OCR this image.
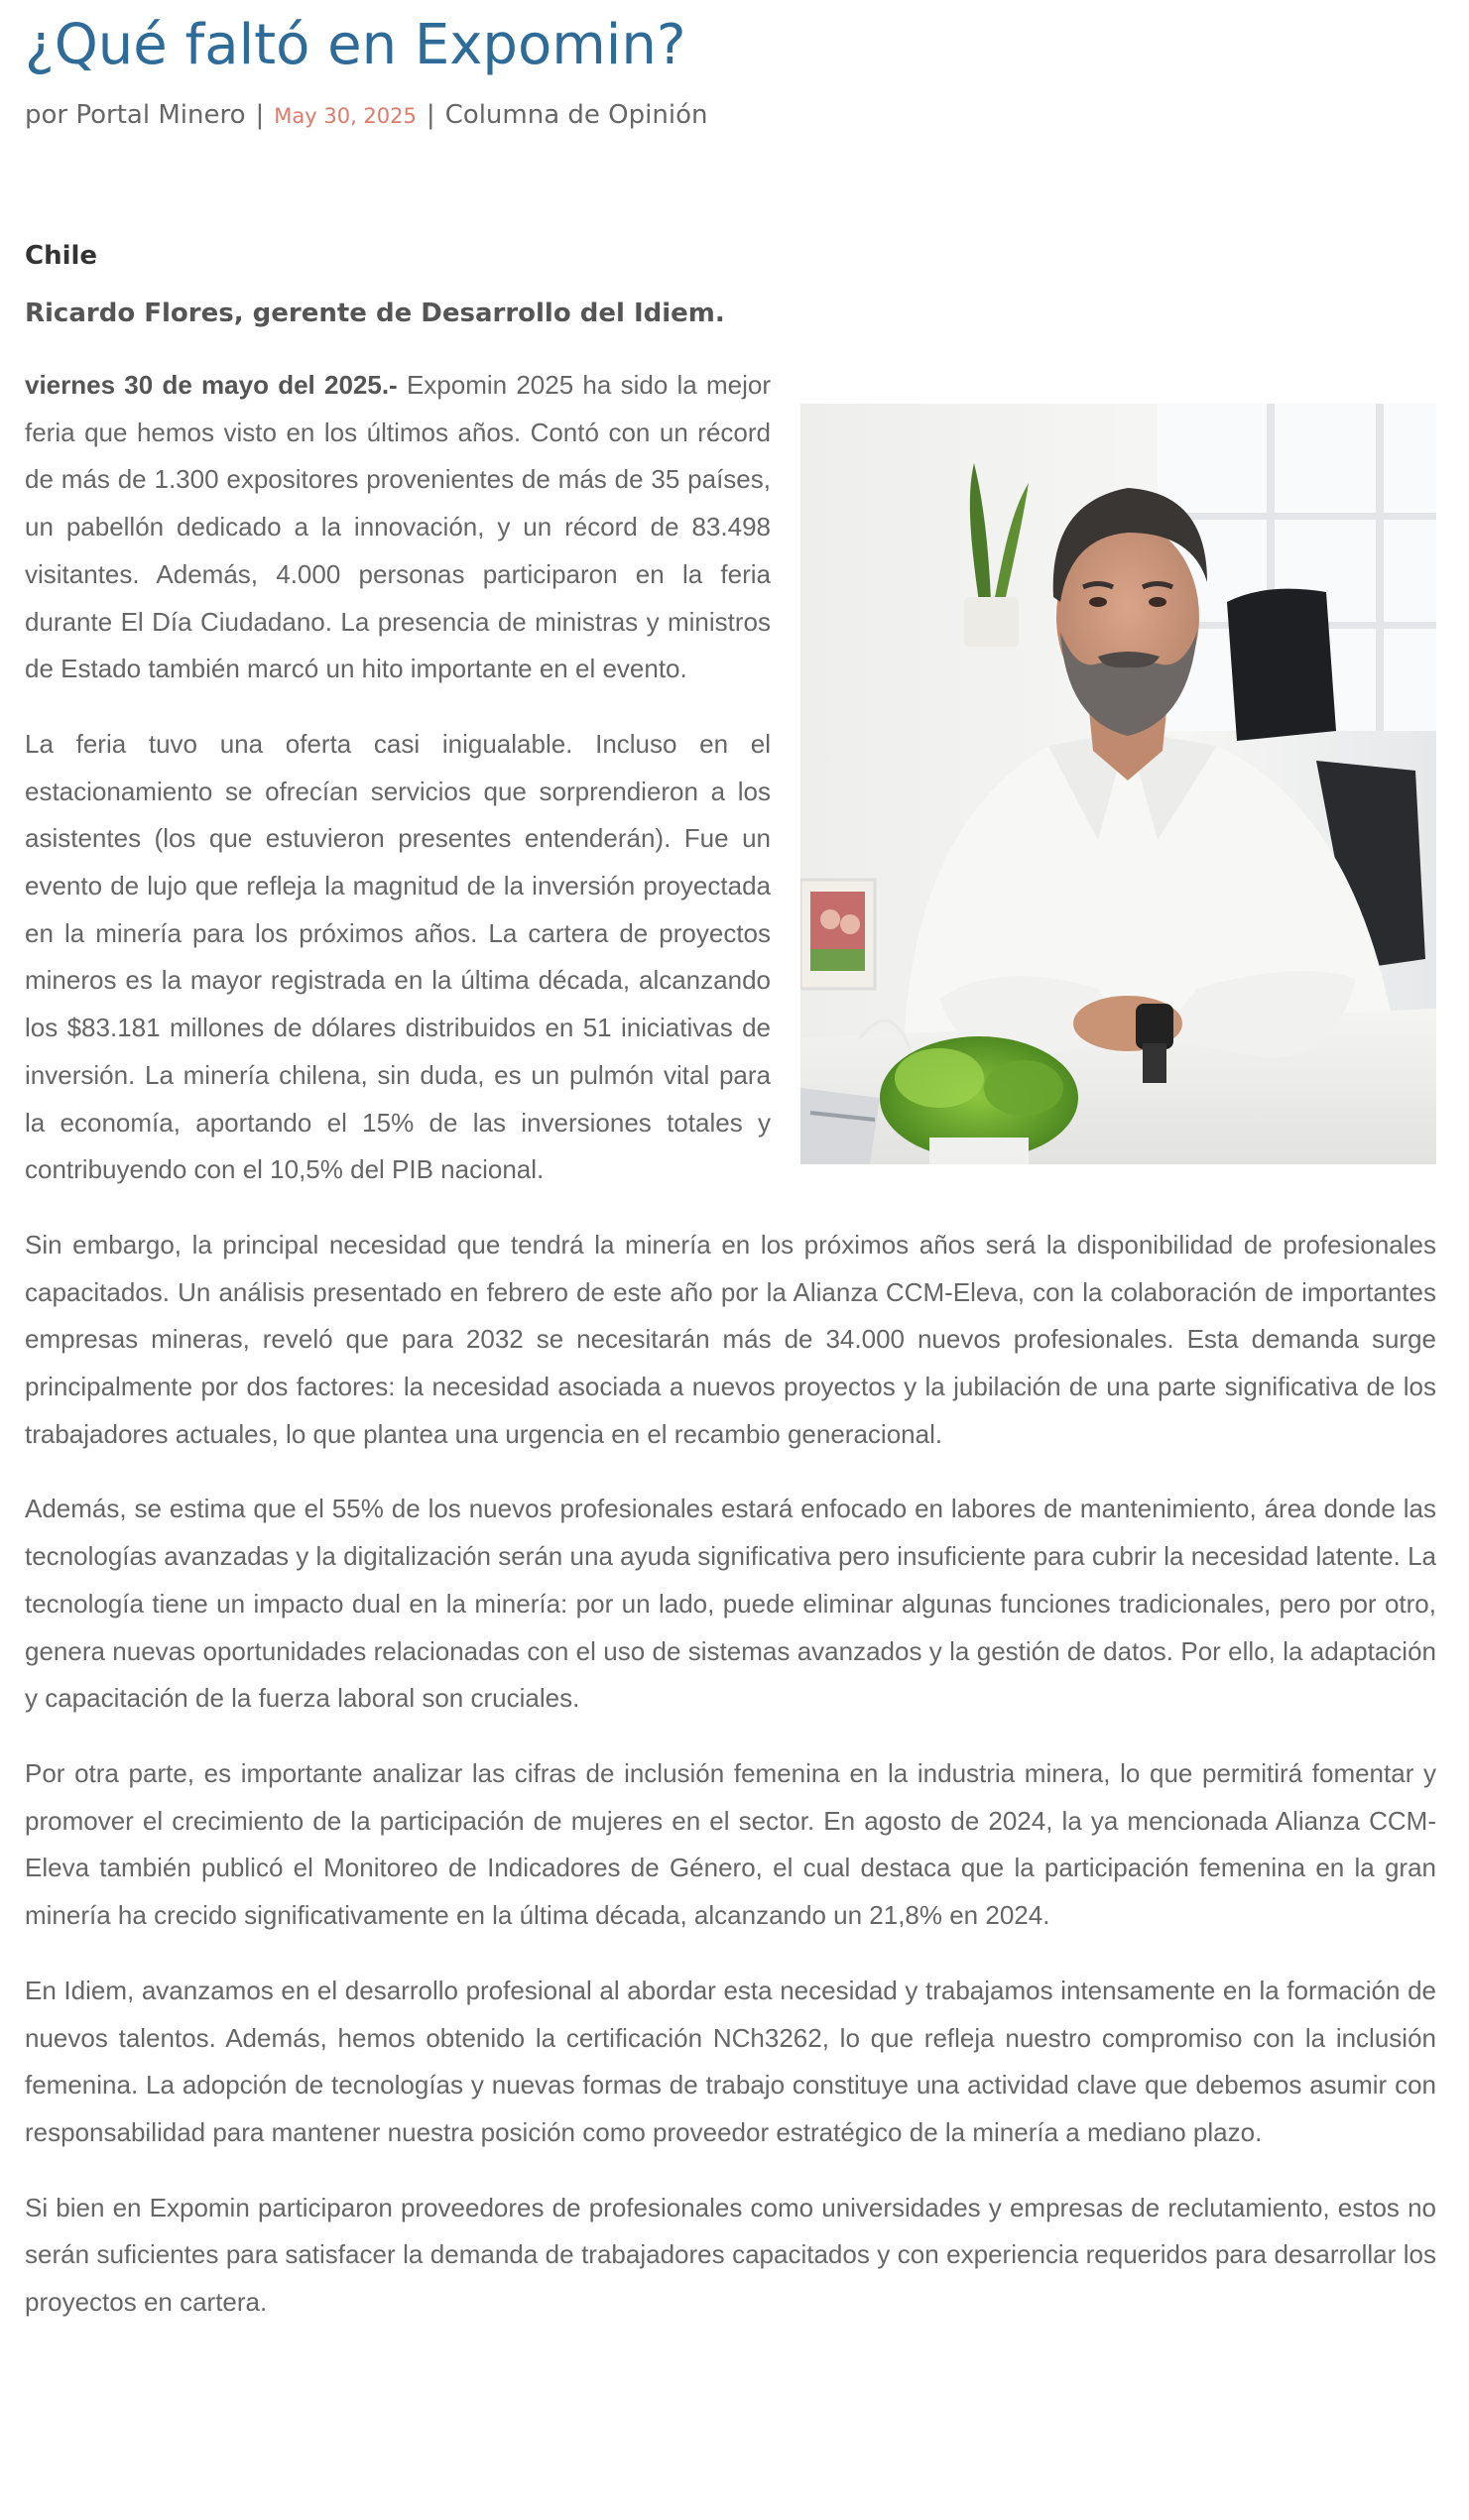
¿Qué faltó en Expomin?
por Portal Minero | May 30, 2025 | Columna de Opinión
Chile
Ricardo Flores, gerente de Desarrollo del Idiem.

viernes 30 de mayo del 2025.- Expomin 2025 ha sido la mejor feria que hemos visto en los últimos años. Contó con un récord de más de 1.300 expositores provenientes de más de 35 países, un pabellón dedicado a la innovación, y un récord de 83.498 visitantes. Además, 4.000 personas participaron en la feria durante El Día Ciudadano. La presencia de ministras y ministros de Estado también marcó un hito importante en el evento.

La feria tuvo una oferta casi inigualable. Incluso en el estacionamiento se ofrecían servicios que sorprendieron a los asistentes (los que estuvieron presentes entenderán). Fue un evento de lujo que refleja la magnitud de la inversión proyectada en la minería para los próximos años. La cartera de proyectos mineros es la mayor registrada en la última década, alcanzando los $83.181 millones de dólares distribuidos en 51 iniciativas de inversión. La minería chilena, sin duda, es un pulmón vital para la economía, aportando el 15% de las inversiones totales y contribuyendo con el 10,5% del PIB nacional.

Sin embargo, la principal necesidad que tendrá la minería en los próximos años será la disponibilidad de profesionales capacitados. Un análisis presentado en febrero de este año por la Alianza CCM-Eleva, con la colaboración de importantes empresas mineras, reveló que para 2032 se necesitarán más de 34.000 nuevos profesionales. Esta demanda surge principalmente por dos factores: la necesidad asociada a nuevos proyectos y la jubilación de una parte significativa de los trabajadores actuales, lo que plantea una urgencia en el recambio generacional.

Además, se estima que el 55% de los nuevos profesionales estará enfocado en labores de mantenimiento, área donde las tecnologías avanzadas y la digitalización serán una ayuda significativa pero insuficiente para cubrir la necesidad latente. La tecnología tiene un impacto dual en la minería: por un lado, puede eliminar algunas funciones tradicionales, pero por otro, genera nuevas oportunidades relacionadas con el uso de sistemas avanzados y la gestión de datos. Por ello, la adaptación y capacitación de la fuerza laboral son cruciales.

Por otra parte, es importante analizar las cifras de inclusión femenina en la industria minera, lo que permitirá fomentar y promover el crecimiento de la participación de mujeres en el sector. En agosto de 2024, la ya mencionada Alianza CCM-Eleva también publicó el Monitoreo de Indicadores de Género, el cual destaca que la participación femenina en la gran minería ha crecido significativamente en la última década, alcanzando un 21,8% en 2024.

En Idiem, avanzamos en el desarrollo profesional al abordar esta necesidad y trabajamos intensamente en la formación de nuevos talentos. Además, hemos obtenido la certificación NCh3262, lo que refleja nuestro compromiso con la inclusión femenina. La adopción de tecnologías y nuevas formas de trabajo constituye una actividad clave que debemos asumir con responsabilidad para mantener nuestra posición como proveedor estratégico de la minería a mediano plazo.

Si bien en Expomin participaron proveedores de profesionales como universidades y empresas de reclutamiento, estos no serán suficientes para satisfacer la demanda de trabajadores capacitados y con experiencia requeridos para desarrollar los proyectos en cartera.
